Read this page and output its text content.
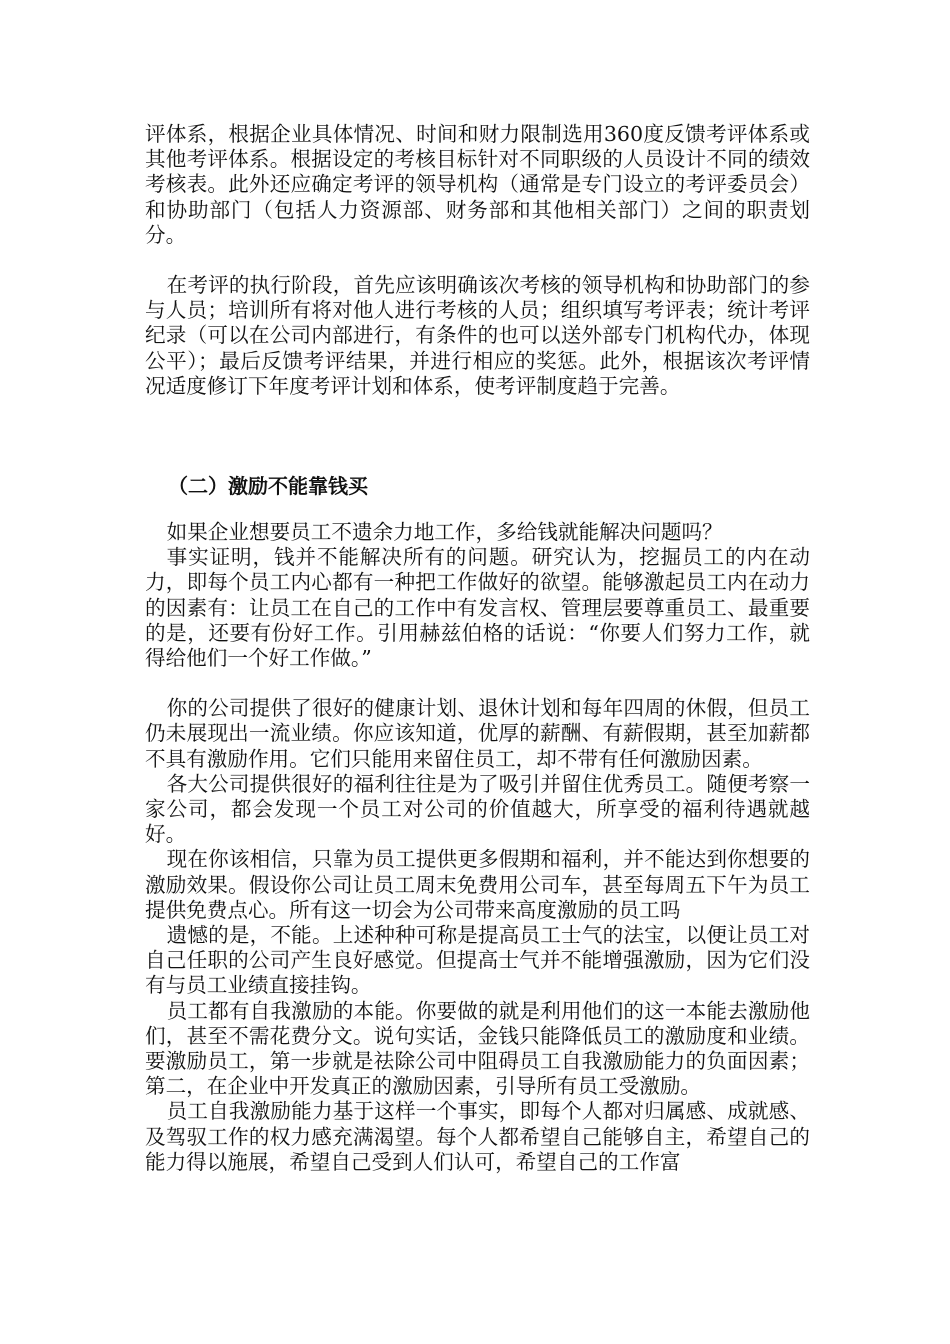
评体系，根据企业具体情况、时间和财力限制选用360度反馈考评体系或其他考评体系。根据设定的考核目标针对不同职级的人员设计不同的绩效考核表。此外还应确定考评的领导机构（通常是专门设立的考评委员会）和协助部门（包括人力资源部、财务部和其他相关部门）之间的职责划分。

在考评的执行阶段，首先应该明确该次考核的领导机构和协助部门的参与人员；培训所有将对他人进行考核的人员；组织填写考评表；统计考评纪录（可以在公司内部进行，有条件的也可以送外部专门机构代办，体现公平）；最后反馈考评结果，并进行相应的奖惩。此外，根据该次考评情况适度修订下年度考评计划和体系，使考评制度趋于完善。

（二）激励不能靠钱买

如果企业想要员工不遗余力地工作，多给钱就能解决问题吗？

事实证明，钱并不能解决所有的问题。研究认为，挖掘员工的内在动力，即每个员工内心都有一种把工作做好的欲望。能够激起员工内在动力的因素有：让员工在自己的工作中有发言权、管理层要尊重员工、最重要的是，还要有份好工作。引用赫兹伯格的话说：“你要人们努力工作，就得给他们一个好工作做。”

你的公司提供了很好的健康计划、退休计划和每年四周的休假，但员工仍未展现出一流业绩。你应该知道，优厚的薪酬、有薪假期，甚至加薪都不具有激励作用。它们只能用来留住员工，却不带有任何激励因素。

各大公司提供很好的福利往往是为了吸引并留住优秀员工。随便考察一家公司，都会发现一个员工对公司的价值越大，所享受的福利待遇就越好。

现在你该相信，只靠为员工提供更多假期和福利，并不能达到你想要的激励效果。假设你公司让员工周末免费用公司车，甚至每周五下午为员工提供免费点心。所有这一切会为公司带来高度激励的员工吗

遗憾的是，不能。上述种种可称是提高员工士气的法宝，以便让员工对自己任职的公司产生良好感觉。但提高士气并不能增强激励，因为它们没有与员工业绩直接挂钩。

员工都有自我激励的本能。你要做的就是利用他们的这一本能去激励他们，甚至不需花费分文。说句实话，金钱只能降低员工的激励度和业绩。要激励员工，第一步就是祛除公司中阻碍员工自我激励能力的负面因素；第二，在企业中开发真正的激励因素，引导所有员工受激励。

员工自我激励能力基于这样一个事实，即每个人都对归属感、成就感、及驾驭工作的权力感充满渴望。每个人都希望自己能够自主，希望自己的能力得以施展，希望自己受到人们认可，希望自己的工作富
